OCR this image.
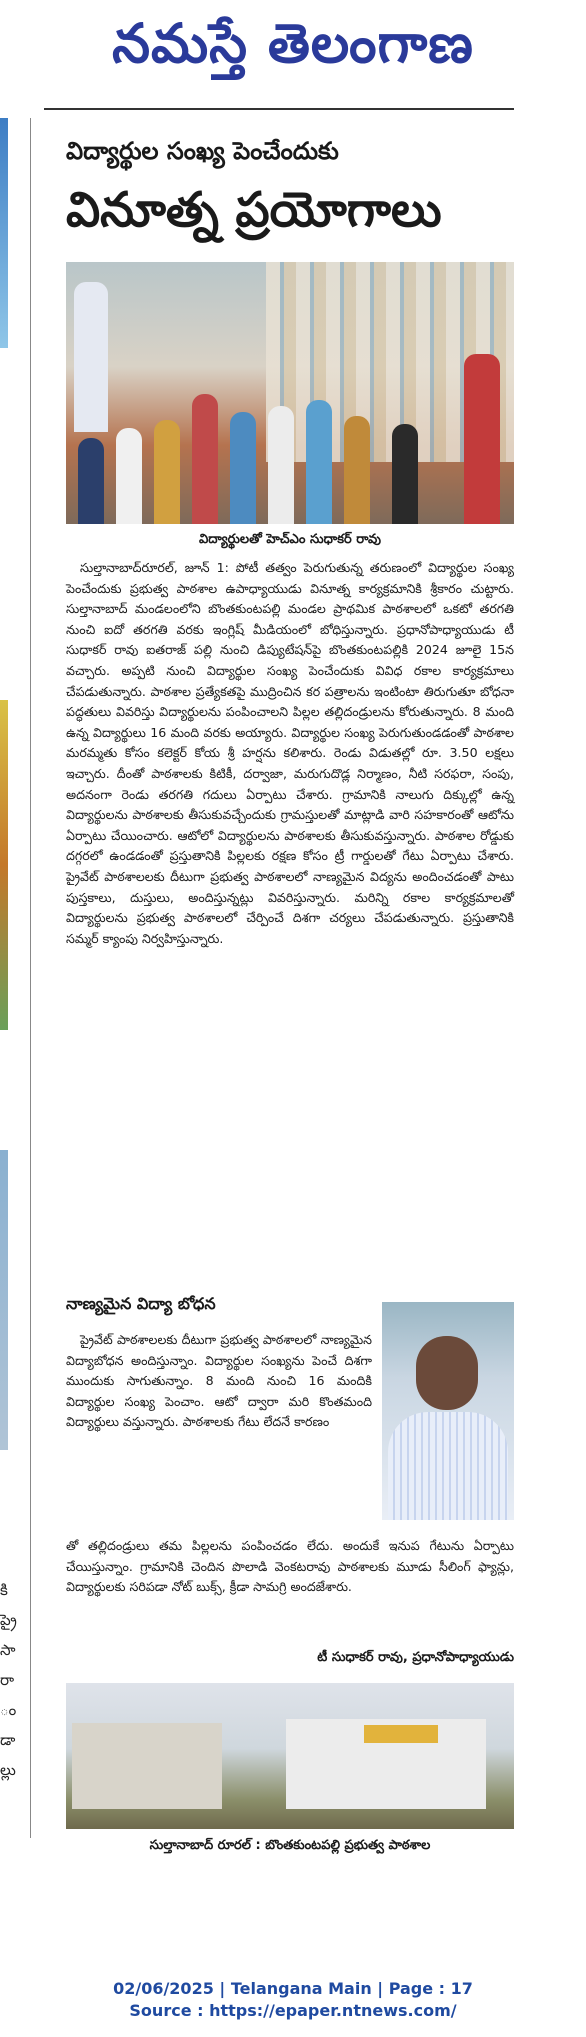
నమస్తే తెలంగాణ
కి ప్రై సా రా ం డా ల్లు
విద్యార్థుల సంఖ్య పెంచేందుకు
వినూత్న ప్రయోగాలు
విద్యార్థులతో హెచ్‌ఎం సుధాకర్ రావు

సుల్తానాబాద్‌రూరల్, జూన్ 1: పోటీ తత్వం పెరుగుతున్న తరుణంలో విద్యార్థుల సంఖ్య పెంచేందుకు ప్రభుత్వ పాఠశాల ఉపాధ్యాయుడు వినూత్న కార్యక్రమానికి శ్రీకారం చుట్టారు. సుల్తానాబాద్ మండలంలోని బొంతకుంటపల్లి మండల ప్రాథమిక పాఠశాలలో ఒకటో తరగతి నుంచి ఐదో తరగతి వరకు ఇంగ్లిష్ మీడియంలో బోధిస్తున్నారు. ప్రధానోపాధ్యాయుడు టీ సుధాకర్ రావు ఐతరాజ్ పల్లి నుంచి డిప్యుటేషన్‌పై బొంతకుంటపల్లికి 2024 జూలై 15న వచ్చారు. అప్పటి నుంచి విద్యార్థుల సంఖ్య పెంచేందుకు వివిధ రకాల కార్యక్రమాలు చేపడుతున్నారు. పాఠశాల ప్రత్యేకతపై ముద్రించిన కర పత్రాలను ఇంటింటా తిరుగుతూ బోధనా పద్ధతులు వివరిస్తు విద్యార్థులను పంపించాలని పిల్లల తల్లిదండ్రులను కోరుతున్నారు. 8 మంది ఉన్న విద్యార్థులు 16 మంది వరకు అయ్యారు. విద్యార్థుల సంఖ్య పెరుగుతుండడంతో పాఠశాల మరమ్మతు కోసం కలెక్టర్ కోయ శ్రీ హర్షను కలిశారు. రెండు విడుతల్లో రూ. 3.50 లక్షలు ఇచ్చారు. దీంతో పాఠశాలకు కిటికీ, దర్వాజా, మరుగుదొడ్ల నిర్మాణం, నీటి సరఫరా, సంపు, అదనంగా రెండు తరగతి గదులు ఏర్పాటు చేశారు. గ్రామానికి నాలుగు దిక్కుల్లో ఉన్న విద్యార్థులను పాఠశాలకు తీసుకువచ్చేందుకు గ్రామస్తులతో మాట్లాడి వారి సహకారంతో ఆటోను ఏర్పాటు చేయించారు. ఆటోలో విద్యార్థులను పాఠశాలకు తీసుకువస్తున్నారు. పాఠశాల రోడ్డుకు దగ్గరలో ఉండడంతో ప్రస్తుతానికి పిల్లలకు రక్షణ కోసం ట్రీ గార్డులతో గేటు ఏర్పాటు చేశారు. ప్రైవేట్ పాఠశాలలకు దీటుగా ప్రభుత్వ పాఠశాలలో నాణ్యమైన విద్యను అందించడంతో పాటు పుస్తకాలు, దుస్తులు, అందిస్తున్నట్లు వివరిస్తున్నారు. మరిన్ని రకాల కార్యక్రమాలతో విద్యార్థులను ప్రభుత్వ పాఠశాలలో చేర్పించే దిశగా చర్యలు చేపడుతున్నారు. ప్రస్తుతానికి సమ్మర్ క్యాంపు నిర్వహిస్తున్నారు.

నాణ్యమైన విద్యా బోధన

ప్రైవేట్ పాఠశాలలకు దీటుగా ప్రభుత్వ పాఠశాలలో నాణ్యమైన విద్యాబోధన అందిస్తున్నాం. విద్యార్థుల సంఖ్యను పెంచే దిశగా ముందుకు సాగుతున్నాం. 8 మంది నుంచి 16 మందికి విద్యార్థుల సంఖ్య పెంచాం. ఆటో ద్వారా మరి కొంతమంది విద్యార్థులు వస్తున్నారు. పాఠశాలకు గేటు లేదనే కారణం

తో తల్లిదండ్రులు తమ పిల్లలను పంపించడం లేదు. అందుకే ఇనుప గేటును ఏర్పాటు చేయిస్తున్నాం. గ్రామానికి చెందిన పొలాడి వెంకటరావు పాఠశాలకు మూడు సీలింగ్ ఫ్యాన్లు, విద్యార్థులకు సరిపడా నోట్ బుక్స్, క్రీడా సామగ్రి అందజేశారు.
టీ సుధాకర్ రావు, ప్రధానోపాధ్యాయుడు
సుల్తానాబాద్ రూరల్ : బొంతకుంటపల్లి ప్రభుత్వ పాఠశాల
02/06/2025 | Telangana Main | Page : 17
Source : https://epaper.ntnews.com/
